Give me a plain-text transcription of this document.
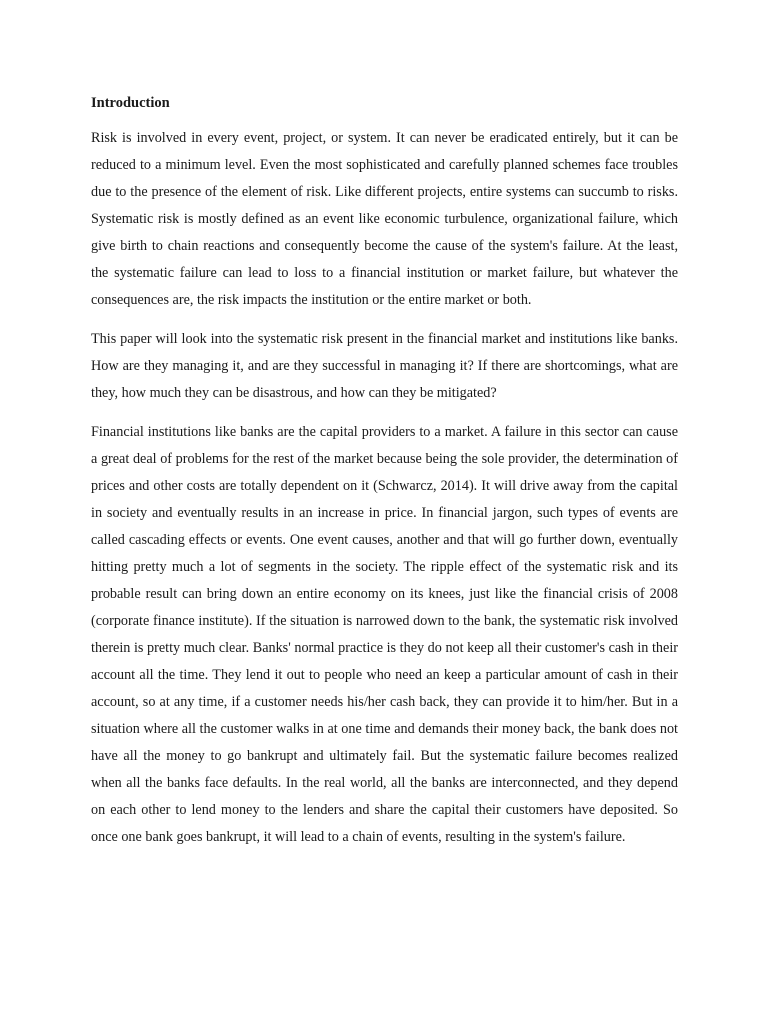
Introduction

Risk is involved in every event, project, or system. It can never be eradicated entirely, but it can be reduced to a minimum level. Even the most sophisticated and carefully planned schemes face troubles due to the presence of the element of risk. Like different projects, entire systems can succumb to risks. Systematic risk is mostly defined as an event like economic turbulence, organizational failure, which give birth to chain reactions and consequently become the cause of the system's failure. At the least, the systematic failure can lead to loss to a financial institution or market failure, but whatever the consequences are, the risk impacts the institution or the entire market or both.

This paper will look into the systematic risk present in the financial market and institutions like banks. How are they managing it, and are they successful in managing it? If there are shortcomings, what are they, how much they can be disastrous, and how can they be mitigated?

Financial institutions like banks are the capital providers to a market. A failure in this sector can cause a great deal of problems for the rest of the market because being the sole provider, the determination of prices and other costs are totally dependent on it (Schwarcz, 2014). It will drive away from the capital in society and eventually results in an increase in price. In financial jargon, such types of events are called cascading effects or events. One event causes, another and that will go further down, eventually hitting pretty much a lot of segments in the society. The ripple effect of the systematic risk and its probable result can bring down an entire economy on its knees, just like the financial crisis of 2008 (corporate finance institute). If the situation is narrowed down to the bank, the systematic risk involved therein is pretty much clear. Banks' normal practice is they do not keep all their customer's cash in their account all the time. They lend it out to people who need an keep a particular amount of cash in their account, so at any time, if a customer needs his/her cash back, they can provide it to him/her. But in a situation where all the customer walks in at one time and demands their money back, the bank does not have all the money to go bankrupt and ultimately fail. But the systematic failure becomes realized when all the banks face defaults. In the real world, all the banks are interconnected, and they depend on each other to lend money to the lenders and share the capital their customers have deposited. So once one bank goes bankrupt, it will lead to a chain of events, resulting in the system's failure.
